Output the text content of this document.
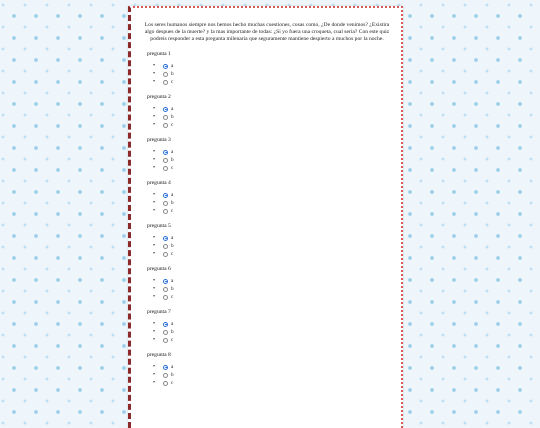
Los seres humanos siempre nos hemos hecho muchas cuestiones, cosas como, ¿De donde venimos? ¿Existira algo despues de la muerte? y la mas importante de todas: ¿Si yo fuera una croqueta, cual seria? Con este quiz podreis responder a esta pregunta milenaria que seguramente mantiene despierto a muchos por la noche.

pregunta 1
•	a
•	b
•	c
pregunta 2
•	a
•	b
•	c
pregunta 3
•	a
•	b
•	c
pregunta 4
•	a
•	b
•	c
pregunta 5
•	a
•	b
•	c
pregunta 6
•	a
•	b
•	c
pregunta 7
•	a
•	b
•	c
pregunta 8
•	a
•	b
•	c
